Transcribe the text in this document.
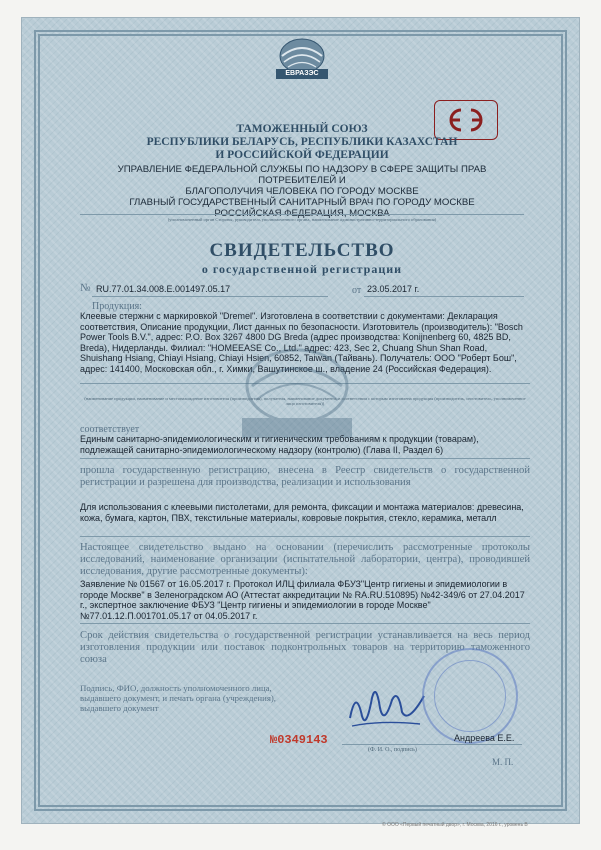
ЕВРАЗЭС
ТАМОЖЕННЫЙ СОЮЗ
РЕСПУБЛИКИ БЕЛАРУСЬ, РЕСПУБЛИКИ КАЗАХСТАН
И РОССИЙСКОЙ ФЕДЕРАЦИИ
УПРАВЛЕНИЕ ФЕДЕРАЛЬНОЙ СЛУЖБЫ ПО НАДЗОРУ В СФЕРЕ ЗАЩИТЫ ПРАВ ПОТРЕБИТЕЛЕЙ И
БЛАГОПОЛУЧИЯ ЧЕЛОВЕКА ПО ГОРОДУ МОСКВЕ
ГЛАВНЫЙ ГОСУДАРСТВЕННЫЙ САНИТАРНЫЙ ВРАЧ ПО ГОРОДУ МОСКВЕ
РОССИЙСКАЯ ФЕДЕРАЦИЯ, МОСКВА
(уполномоченный орган Стороны, руководитель уполномоченного органа, наименование административно-территориального образования)
СВИДЕТЕЛЬСТВО
о государственной регистрации
№ RU.77.01.34.008.E.001497.05.17	от 23.05.2017 г.
Продукция:
Клеевые стержни с маркировкой "Dremel". Изготовлена в соответствии с документами: Декларация соответствия, Описание продукции, Лист данных по безопасности. Изготовитель (производитель): "Bosch Power Tools B.V.", адрес: P.O. Box 3267 4800 DG Breda (адрес производства: Konijnenberg 60, 4825 BD, Breda), Нидерланды. Филиал: "HOMEEASE Co., Ltd." адрес: 423, Sec 2, Chuang Shun Shan Road, Shuishang Hsiang, Chiayi Hsiang, Chiayi Hsien, 60852, Taiwan (Тайвань). Получатель: ООО "Роберт Бош", адрес: 141400, Московская обл., г. Химки, Вашутинское ш., владение 24 (Российская Федерация).
(наименование продукции, наименование и местонахождение изготовителя (производителя), получателя, наименование документа, в соответствии с которым изготовлена продукция (производитель, изготовитель, уполномоченное лицо изготовителя))
соответствует
Единым санитарно-эпидемиологическим и гигиеническим требованиям к продукции (товарам), подлежащей санитарно-эпидемиологическому надзору (контролю) (Глава II, Раздел 6)
прошла государственную регистрацию, внесена в Реестр свидетельств о государственной регистрации и разрешена для производства, реализации и использования
Для использования с клеевыми пистолетами, для ремонта, фиксации и монтажа материалов: древесина, кожа, бумага, картон, ПВХ, текстильные материалы, ковровые покрытия, стекло, керамика, металл
Настоящее свидетельство выдано на основании (перечислить рассмотренные протоколы исследований, наименование организации (испытательной лаборатории, центра), проводившей исследования, другие рассмотренные документы):
Заявление № 01567 от 16.05.2017 г. Протокол ИЛЦ филиала ФБУЗ"Центр гигиены и эпидемиологии в городе Москве" в Зеленоградском АО (Аттестат аккредитации № RA.RU.510895) №42-349/6 от 27.04.2017 г., экспертное заключение ФБУЗ "Центр гигиены и эпидемиологии в городе Москве" №77.01.12.П.001701.05.17 от 04.05.2017 г.
Срок действия свидетельства о государственной регистрации устанавливается на весь период изготовления продукции или поставок подконтрольных товаров на территорию таможенного союза
Подпись, ФИО, должность уполномоченного лица, выдавшего документ, и печать органа (учреждения), выдавшего документ
Андреева Е.Е.
(Ф. И. О., подпись)
М. П.
№0349143
© ООО «Первый печатный двор», г. Москва, 2016 г., уровень B
